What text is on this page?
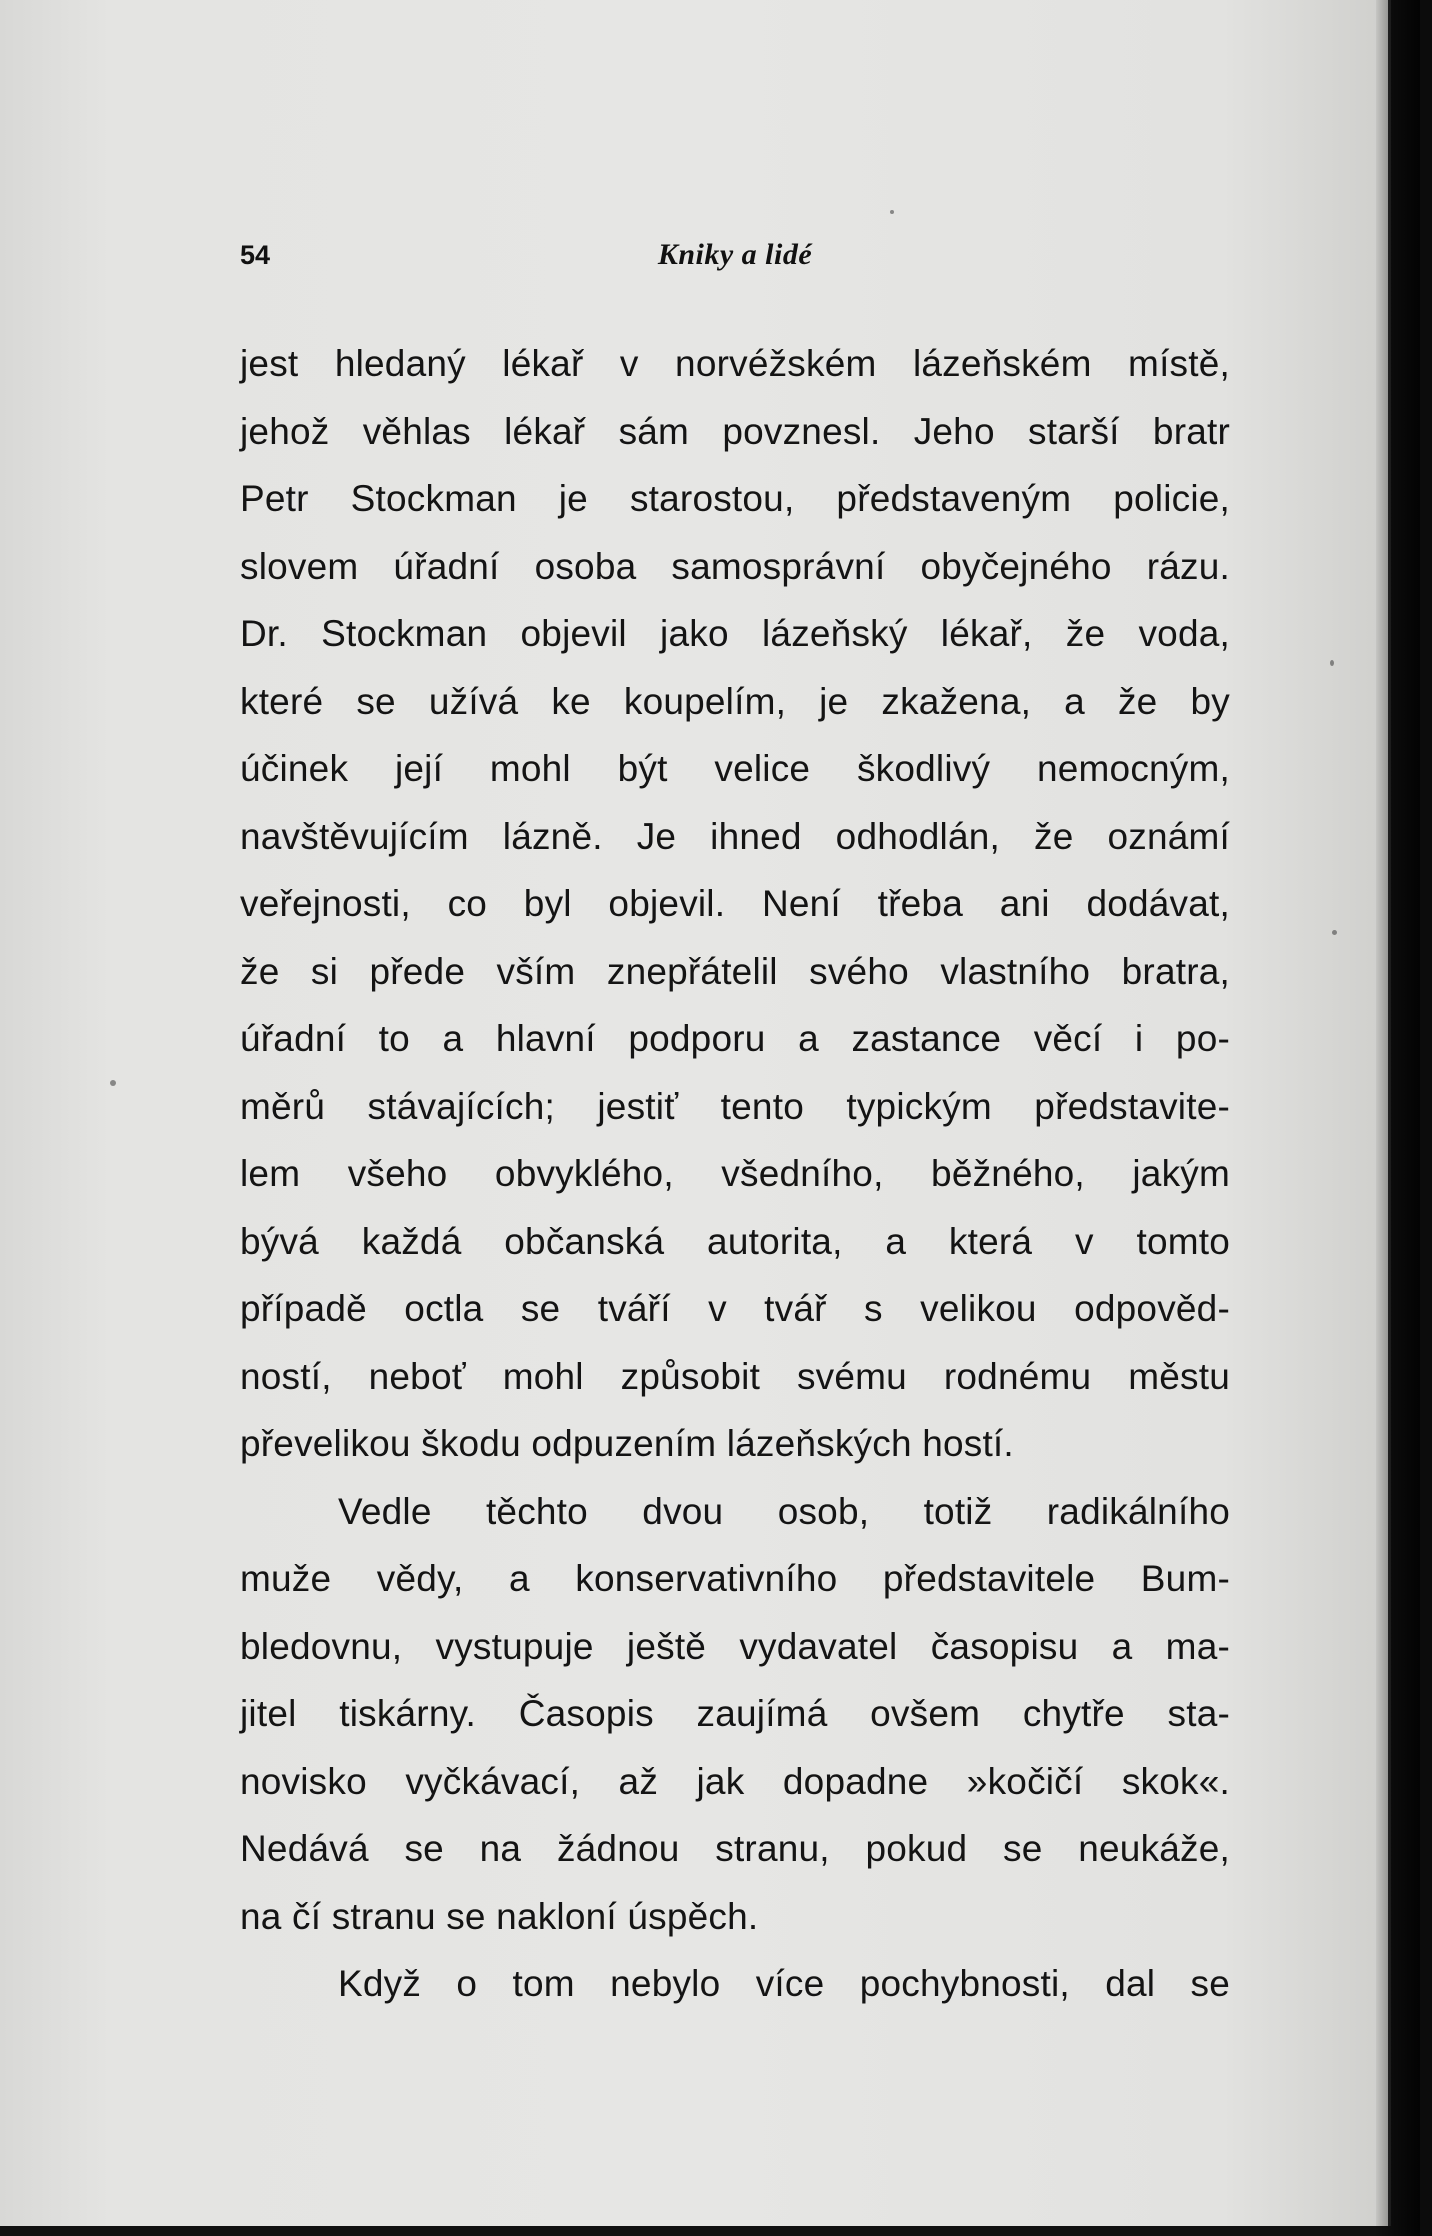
54	Kniky a lidé
jest hledaný lékař v norvéžském lázeňském místě,
jehož věhlas lékař sám povznesl. Jeho starší bratr
Petr Stockman je starostou, představeným policie,
slovem úřadní osoba samosprávní obyčejného rázu.
Dr. Stockman objevil jako lázeňský lékař, že voda,
které se užívá ke koupelím, je zkažena, a že by
účinek její mohl být velice škodlivý nemocným,
navštěvujícím lázně. Je ihned odhodlán, že oznámí
veřejnosti, co byl objevil. Není třeba ani dodávat,
že si předе vším znepřátelil svého vlastního bratra,
úřadní to a hlavní podporu a zastance věcí i po-
měrů stávajících; jestiť tento typickým představite-
lem všeho obvyklého, všedního, běžného, jakým
bývá každá občanská autorita, a která v tomto
případě octla se tváří v tvář s velikou odpověd-
ností, neboť mohl způsobit svému rodnému městu
převelikou škodu odpuzením lázeňských hostí.
Vedle těchto dvou osob, totiž radikálního
muže vědy, a konservativního představitele Bum-
bledovnu, vystupuje ještě vydavatel časopisu a ma-
jitel tiskárny. Časopis zaujímá ovšem chytře sta-
novisko vyčkávací, až jak dopadne »kočičí skok«.
Nedává se na žádnou stranu, pokud se neukáže,
na čí stranu se nakloní úspěch.
Když o tom nebylo více pochybnosti, dal se
